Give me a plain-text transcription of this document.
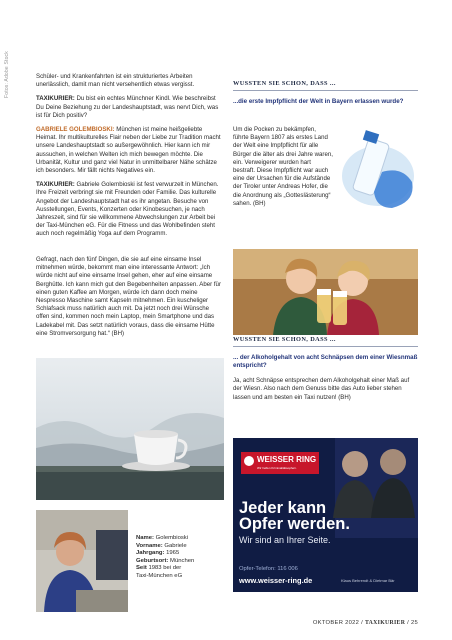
Fotos: Adobe Stock	Schüler- und Krankenfahrten ist ein strukturiertes Arbeiten unerlässlich, damit man nicht versehentlich etwas vergisst.

TAXIKURIER: Du bist ein echtes Münchner Kindl. Wie beschreibst Du Deine Beziehung zu der Landeshauptstadt, was nervt Dich, was ist für Dich positiv?

GABRIELE GOLEMBIOSKI: München ist meine heißgeliebte Heimat. Ihr multikulturelles Flair neben der Liebe zur Tradition macht unsere Landeshauptstadt so außergewöhnlich. Hier kann ich mir aussuchen, in welchen Welten ich mich bewegen möchte. Die Urbanität, Kultur und ganz viel Natur in unmittelbarer Nähe schätze ich besonders. Mir fällt nichts Negatives ein.

TAXIKURIER: Gabriele Golembioski ist fest verwurzelt in München. Ihre Freizeit verbringt sie mit Freunden oder Familie. Das kulturelle Angebot der Landeshauptstadt hat es ihr angetan. Besuche von Ausstellungen, Events, Konzerten oder Kinobesuchen, je nach Jahreszeit, sind für sie willkommene Abwechslungen zur Arbeit bei der Taxi-München eG. Für die Fitness und das Wohlbefinden steht auch noch regelmäßig Yoga auf dem Programm.

Gefragt, nach den fünf Dingen, die sie auf eine einsame Insel mitnehmen würde, bekommt man eine interessante Antwort: „Ich würde nicht auf eine einsame Insel gehen, eher auf eine einsame Berghütte. Ich kann mich gut den Begebenheiten anpassen. Aber für einen guten Kaffee am Morgen, würde ich dann doch meine Nespresso Maschine samt Kapseln mitnehmen. Ein kuscheliger Schlafsack muss natürlich auch mit. Da jetzt noch drei Wünsche offen sind, kommen noch mein Laptop, mein Smartphone und das Ladekabel mit. Das setzt natürlich voraus, dass die einsame Hütte eine Stromversorgung hat.“ (BH)

Name: Golembioski
Vorname: Gabriele
Jahrgang: 1965
Geburtsort: München
Seit 1983 bei der
Taxi-München eG
WUSSTEN SIE SCHON, DASS ...
...die erste Impfpflicht der Welt in Bayern erlassen wurde?
Um die Pocken zu bekämpfen, führte Bayern 1807 als erstes Land der Welt eine Impfpflicht für alle Bürger die älter als drei Jahre waren, ein. Verweigerer wurden hart bestraft. Diese Impfpflicht war auch eine der Ursachen für die Aufstände der Tiroler unter Andreas Hofer, die die Anordnung als „Gotteslästerung“ sahen. (BH)
WUSSTEN SIE SCHON, DASS ...
... der Alkoholgehalt von acht Schnäpsen dem einer Wiesnmaß entspricht?
Ja, acht Schnäpse entsprechen dem Alkoholgehalt einer Maß auf der Wiesn. Also nach dem Genuss bitte das Auto lieber stehen lassen und am besten ein Taxi nutzen! (BH)
WEISSER RING
Wir helfen Kriminalitätsopfern.
Jeder kann
Opfer werden.
Wir sind an Ihrer Seite.
Opfer-Telefon: 116 006
www.weisser-ring.de	Klaus Behrendt & Dietmar Bär
OKTOBER 2022 / TAXIKURIER / 25
